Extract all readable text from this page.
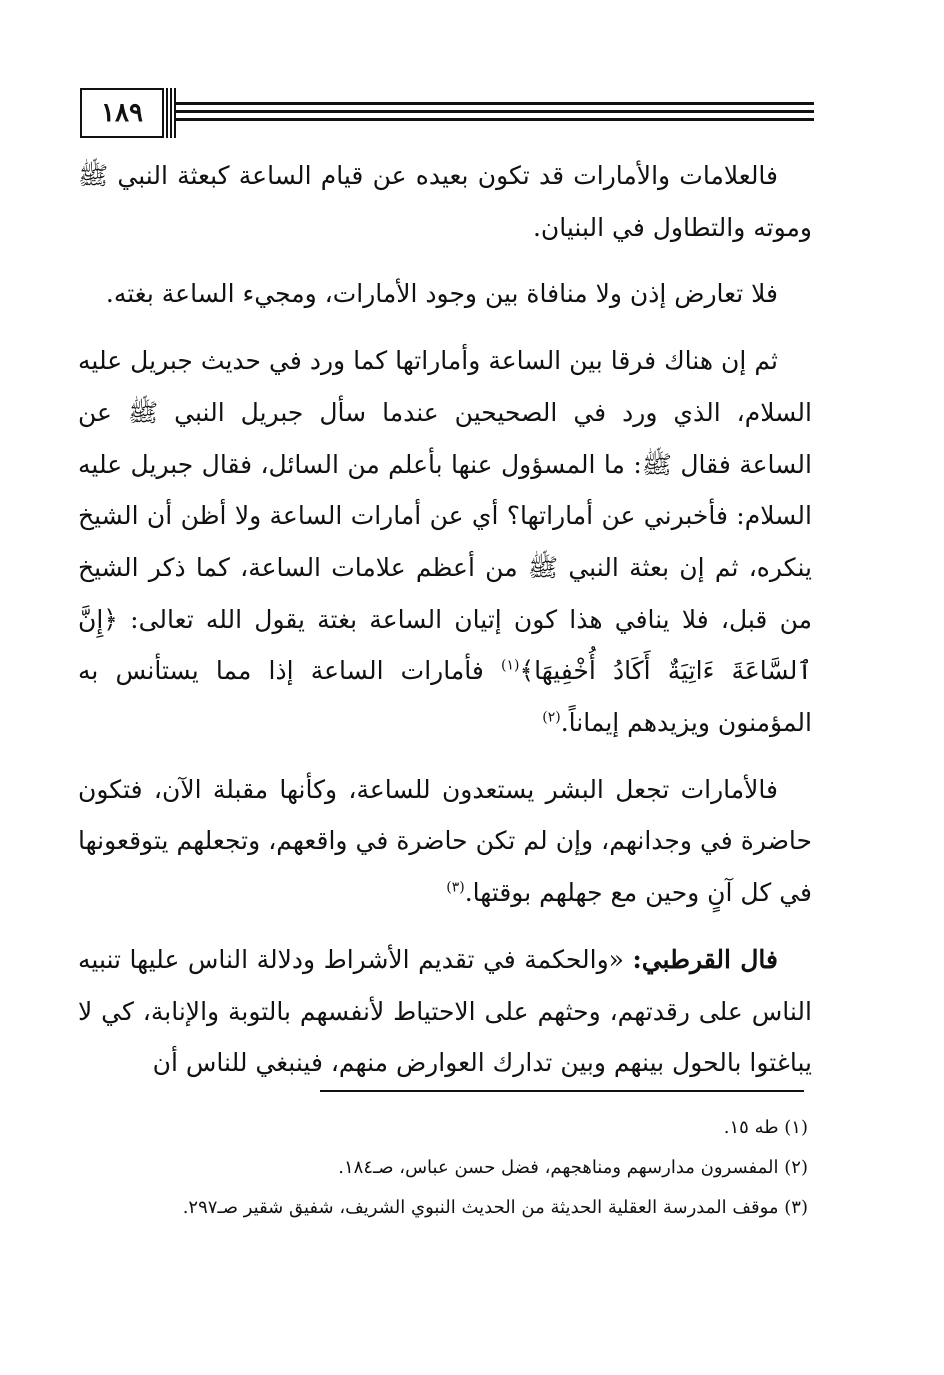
١٨٩

فالعلامات والأمارات قد تكون بعيده عن قيام الساعة كبعثة النبي ﷺ وموته والتطاول في البنيان.

فلا تعارض إذن ولا منافاة بين وجود الأمارات، ومجيء الساعة بغته.

ثم إن هناك فرقا بين الساعة وأماراتها كما ورد في حديث جبريل عليه السلام، الذي ورد في الصحيحين عندما سأل جبريل النبي ﷺ عن الساعة فقال ﷺ: ما المسؤول عنها بأعلم من السائل، فقال جبريل عليه السلام: فأخبرني عن أماراتها؟ أي عن أمارات الساعة ولا أظن أن الشيخ ينكره، ثم إن بعثة النبي ﷺ من أعظم علامات الساعة، كما ذكر الشيخ من قبل، فلا ينافي هذا كون إتيان الساعة بغتة يقول الله تعالى: ﴿إِنَّ ٱلسَّاعَةَ ءَاتِيَةٌ أَكَادُ أُخْفِيهَا﴾$^{(١)}$ فأمارات الساعة إذا مما يستأنس به المؤمنون ويزيدهم إيماناً.$^{(٢)}$

فالأمارات تجعل البشر يستعدون للساعة، وكأنها مقبلة الآن، فتكون حاضرة في وجدانهم، وإن لم تكن حاضرة في واقعهم، وتجعلهم يتوقعونها في كل آنٍ وحين مع جهلهم بوقتها.$^{(٣)}$

فال القرطبي: «والحكمة في تقديم الأشراط ودلالة الناس عليها تنبيه الناس على رقدتهم، وحثهم على الاحتياط لأنفسهم بالتوبة والإنابة، كي لا يباغتوا بالحول بينهم وبين تدارك العوارض منهم، فينبغي للناس أن

(١) طه ١٥.

(٢) المفسرون مدارسهم ومناهجهم، فضل حسن عباس، صـ١٨٤.

(٣) موقف المدرسة العقلية الحديثة من الحديث النبوي الشريف، شفيق شقير صـ٢٩٧.
